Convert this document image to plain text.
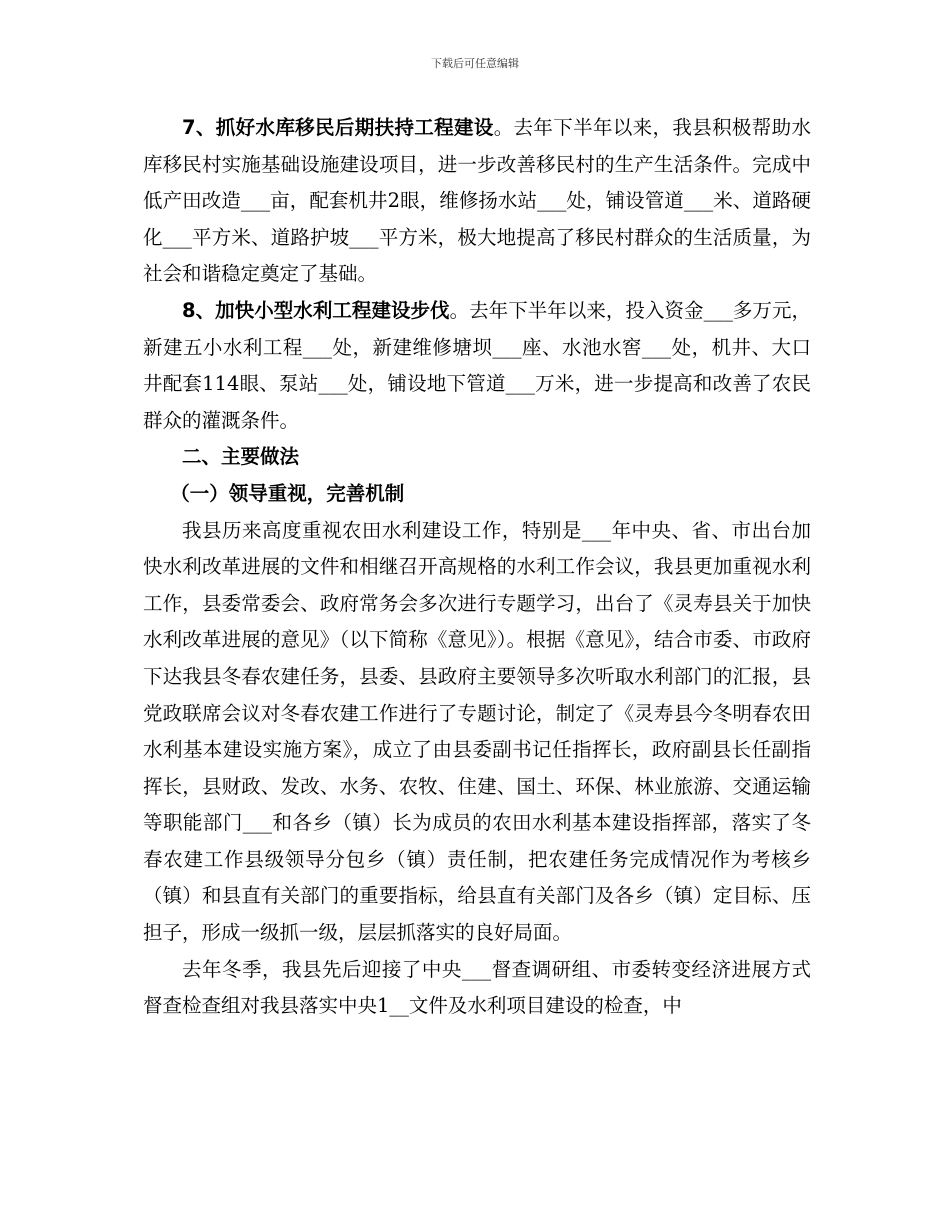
下载后可任意编辑

7、抓好水库移民后期扶持工程建设。去年下半年以来，我县积极帮助水库移民村实施基础设施建设项目，进一步改善移民村的生产生活条件。完成中低产田改造___亩，配套机井2眼，维修扬水站___处，铺设管道___米、道路硬化___平方米、道路护坡___平方米，极大地提高了移民村群众的生活质量，为社会和谐稳定奠定了基础。

8、加快小型水利工程建设步伐。去年下半年以来，投入资金___多万元，新建五小水利工程___处，新建维修塘坝___座、水池水窖___处，机井、大口井配套114眼、泵站___处，铺设地下管道___万米，进一步提高和改善了农民群众的灌溉条件。

二、主要做法

（一）领导重视，完善机制

我县历来高度重视农田水利建设工作，特别是___年中央、省、市出台加快水利改革进展的文件和相继召开高规格的水利工作会议，我县更加重视水利工作，县委常委会、政府常务会多次进行专题学习，出台了《灵寿县关于加快水利改革进展的意见》（以下简称《意见》）。根据《意见》，结合市委、市政府下达我县冬春农建任务，县委、县政府主要领导多次听取水利部门的汇报，县党政联席会议对冬春农建工作进行了专题讨论，制定了《灵寿县今冬明春农田水利基本建设实施方案》，成立了由县委副书记任指挥长，政府副县长任副指挥长，县财政、发改、水务、农牧、住建、国土、环保、林业旅游、交通运输等职能部门___和各乡（镇）长为成员的农田水利基本建设指挥部，落实了冬春农建工作县级领导分包乡（镇）责任制，把农建任务完成情况作为考核乡（镇）和县直有关部门的重要指标，给县直有关部门及各乡（镇）定目标、压担子，形成一级抓一级，层层抓落实的良好局面。

去年冬季，我县先后迎接了中央___督查调研组、市委转变经济进展方式督查检查组对我县落实中央1__文件及水利项目建设的检查，中
